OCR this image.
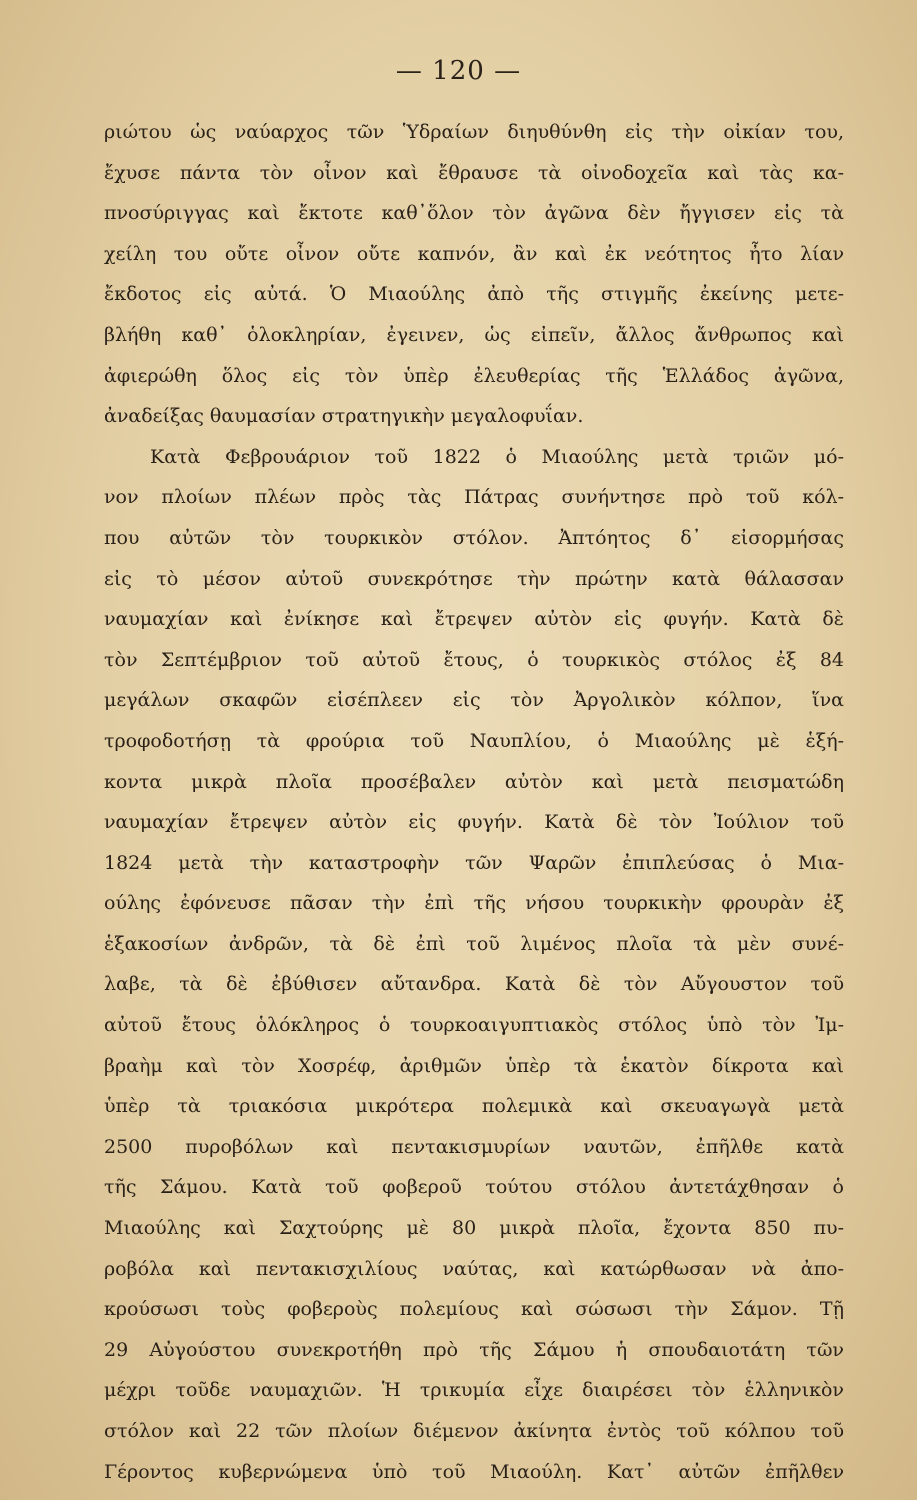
— 120 —
ριώτου ὡς ναύαρχος τῶν Ὑδραίων διηυθύνθη εἰς τὴν οἰκίαν του,
ἔχυσε πάντα τὸν οἶνον καὶ ἔθραυσε τὰ οἰνοδοχεῖα καὶ τὰς κα-
πνοσύριγγας καὶ ἔκτοτε καθ᾽ὅλον τὸν ἀγῶνα δὲν ἤγγισεν εἰς τὰ
χείλη του οὔτε οἶνον οὔτε καπνόν, ἂν καὶ ἐκ νεότητος ἦτο λίαν
ἔκδοτος εἰς αὐτά. Ὁ Μιαούλης ἀπὸ τῆς στιγμῆς ἐκείνης μετε-
βλήθη καθ᾽ ὁλοκληρίαν, ἐγεινεν, ὡς εἰπεῖν, ἄλλος ἄνθρωπος καὶ
ἀφιερώθη ὅλος εἰς τὸν ὑπὲρ ἐλευθερίας τῆς Ἑλλάδος ἀγῶνα,
ἀναδείξας θαυμασίαν στρατηγικὴν μεγαλοφυΐαν.
Κατὰ Φεβρουάριον τοῦ 1822 ὁ Μιαούλης μετὰ τριῶν μό-
νον πλοίων πλέων πρὸς τὰς Πάτρας συνήντησε πρὸ τοῦ κόλ-
που αὐτῶν τὸν τουρκικὸν στόλον. Ἀπτόητος δ᾽ εἰσορμήσας
εἰς τὸ μέσον αὐτοῦ συνεκρότησε τὴν πρώτην κατὰ θάλασσαν
ναυμαχίαν καὶ ἐνίκησε καὶ ἔτρεψεν αὐτὸν εἰς φυγήν. Κατὰ δὲ
τὸν Σεπτέμβριον τοῦ αὐτοῦ ἔτους, ὁ τουρκικὸς στόλος ἐξ 84
μεγάλων σκαφῶν εἰσέπλεεν εἰς τὸν Ἀργολικὸν κόλπον, ἵνα
τροφοδοτήσῃ τὰ φρούρια τοῦ Ναυπλίου, ὁ Μιαούλης μὲ ἑξή-
κοντα μικρὰ πλοῖα προσέβαλεν αὐτὸν καὶ μετὰ πεισματώδη
ναυμαχίαν ἔτρεψεν αὐτὸν εἰς φυγήν. Κατὰ δὲ τὸν Ἰούλιον τοῦ
1824 μετὰ τὴν καταστροφὴν τῶν Ψαρῶν ἐπιπλεύσας ὁ Μια-
ούλης ἐφόνευσε πᾶσαν τὴν ἐπὶ τῆς νήσου τουρκικὴν φρουρὰν ἐξ
ἑξακοσίων ἀνδρῶν, τὰ δὲ ἐπὶ τοῦ λιμένος πλοῖα τὰ μὲν συνέ-
λαβε, τὰ δὲ ἐβύθισεν αὔτανδρα. Κατὰ δὲ τὸν Αὔγουστον τοῦ
αὐτοῦ ἔτους ὁλόκληρος ὁ τουρκοαιγυπτιακὸς στόλος ὑπὸ τὸν Ἰμ-
βραὴμ καὶ τὸν Χοσρέφ, ἀριθμῶν ὑπὲρ τὰ ἑκατὸν δίκροτα καὶ
ὑπὲρ τὰ τριακόσια μικρότερα πολεμικὰ καὶ σκευαγωγὰ μετὰ
2500 πυροβόλων καὶ πεντακισμυρίων ναυτῶν, ἐπῆλθε κατὰ
τῆς Σάμου. Κατὰ τοῦ φοβεροῦ τούτου στόλου ἀντετάχθησαν ὁ
Μιαούλης καὶ Σαχτούρης μὲ 80 μικρὰ πλοῖα, ἔχοντα 850 πυ-
ροβόλα καὶ πεντακισχιλίους ναύτας, καὶ κατώρθωσαν νὰ ἀπο-
κρούσωσι τοὺς φοβεροὺς πολεμίους καὶ σώσωσι τὴν Σάμον. Τῇ
29 Αὐγούστου συνεκροτήθη πρὸ τῆς Σάμου ἡ σπουδαιοτάτη τῶν
μέχρι τοῦδε ναυμαχιῶν. Ἡ τρικυμία εἶχε διαιρέσει τὸν ἑλληνικὸν
στόλον καὶ 22 τῶν πλοίων διέμενον ἀκίνητα ἐντὸς τοῦ κόλπου τοῦ
Γέροντος κυβερνώμενα ὑπὸ τοῦ Μιαούλη. Κατ᾽ αὐτῶν ἐπῆλθεν
